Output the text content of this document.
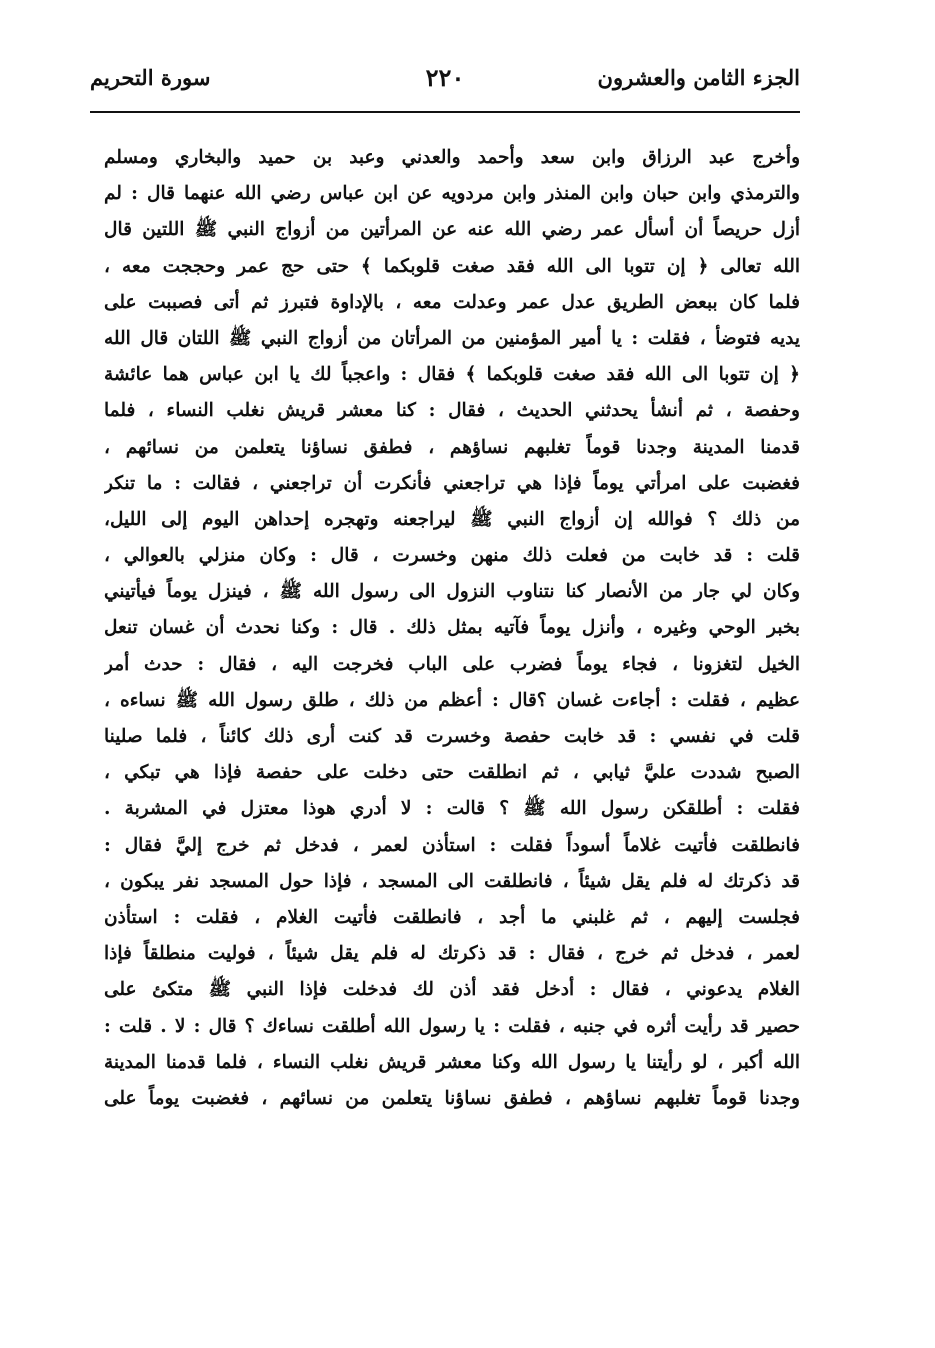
الجزء الثامن والعشرون
٢٢٠
سورة التحريم
وأخرج عبد الرزاق وابن سعد وأحمد والعدني وعبد بن حميد والبخاري ومسلم
والترمذي وابن حبان وابن المنذر وابن مردويه عن ابن عباس رضي الله عنهما قال : لم
أزل حريصاً أن أسأل عمر رضي الله عنه عن المرأتين من أزواج النبي ﷺ اللتين قال
الله تعالى ﴿ إن تتوبا الى الله فقد صغت قلوبكما ﴾ حتى حج عمر وحججت معه ،
فلما كان ببعض الطريق عدل عمر وعدلت معه ، بالإداوة فتبرز ثم أتى فصببت على
يديه فتوضأ ، فقلت : يا أمير المؤمنين من المرأتان من أزواج النبي ﷺ اللتان قال الله
﴿ إن تتوبا الى الله فقد صغت قلوبكما ﴾ فقال : واعجباً لك يا ابن عباس هما عائشة
وحفصة ، ثم أنشأ يحدثني الحديث ، فقال : كنا معشر قريش نغلب النساء ، فلما
قدمنا المدينة وجدنا قوماً تغلبهم نساؤهم ، فطفق نساؤنا يتعلمن من نسائهم ،
فغضبت على امرأتي يوماً فإذا هي تراجعني فأنكرت أن تراجعني ، فقالت : ما تنكر
من ذلك ؟ فوالله إن أزواج النبي ﷺ ليراجعنه وتهجره إحداهن اليوم إلى الليل،
قلت : قد خابت من فعلت ذلك منهن وخسرت ، قال : وكان منزلي بالعوالي ،
وكان لي جار من الأنصار كنا نتناوب النزول الى رسول الله ﷺ ، فينزل يوماً فيأتيني
بخبر الوحي وغيره ، وأنزل يوماً فآتيه بمثل ذلك . قال : وكنا نحدث أن غسان تنعل
الخيل لتغزونا ، فجاء يوماً فضرب على الباب فخرجت اليه ، فقال : حدث أمر
عظيم ، فقلت : أجاءت غسان ؟قال : أعظم من ذلك ، طلق رسول الله ﷺ نساءه ،
قلت في نفسي : قد خابت حفصة وخسرت قد كنت أرى ذلك كائناً ، فلما صلينا
الصبح شددت عليَّ ثيابي ، ثم انطلقت حتى دخلت على حفصة فإذا هي تبكي ،
فقلت : أطلقكن رسول الله ﷺ ؟ قالت : لا أدري هوذا معتزل في المشربة .
فانطلقت فأتيت غلاماً أسوداً فقلت : استأذن لعمر ، فدخل ثم خرج إليَّ فقال :
قد ذكرتك له فلم يقل شيئاً ، فانطلقت الى المسجد ، فإذا حول المسجد نفر يبكون ،
فجلست إليهم ، ثم غلبني ما أجد ، فانطلقت فأتيت الغلام ، فقلت : استأذن
لعمر ، فدخل ثم خرج ، فقال : قد ذكرتك له فلم يقل شيئاً ، فوليت منطلقاً فإذا
الغلام يدعوني ، فقال : أدخل فقد أذن لك فدخلت فإذا النبي ﷺ متكئ على
حصير قد رأيت أثره في جنبه ، فقلت : يا رسول الله أطلقت نساءك ؟ قال : لا . قلت :
الله أكبر ، لو رأيتنا يا رسول الله وكنا معشر قريش نغلب النساء ، فلما قدمنا المدينة
وجدنا قوماً تغلبهم نساؤهم ، فطفق نساؤنا يتعلمن من نسائهم ، فغضبت يوماً على
